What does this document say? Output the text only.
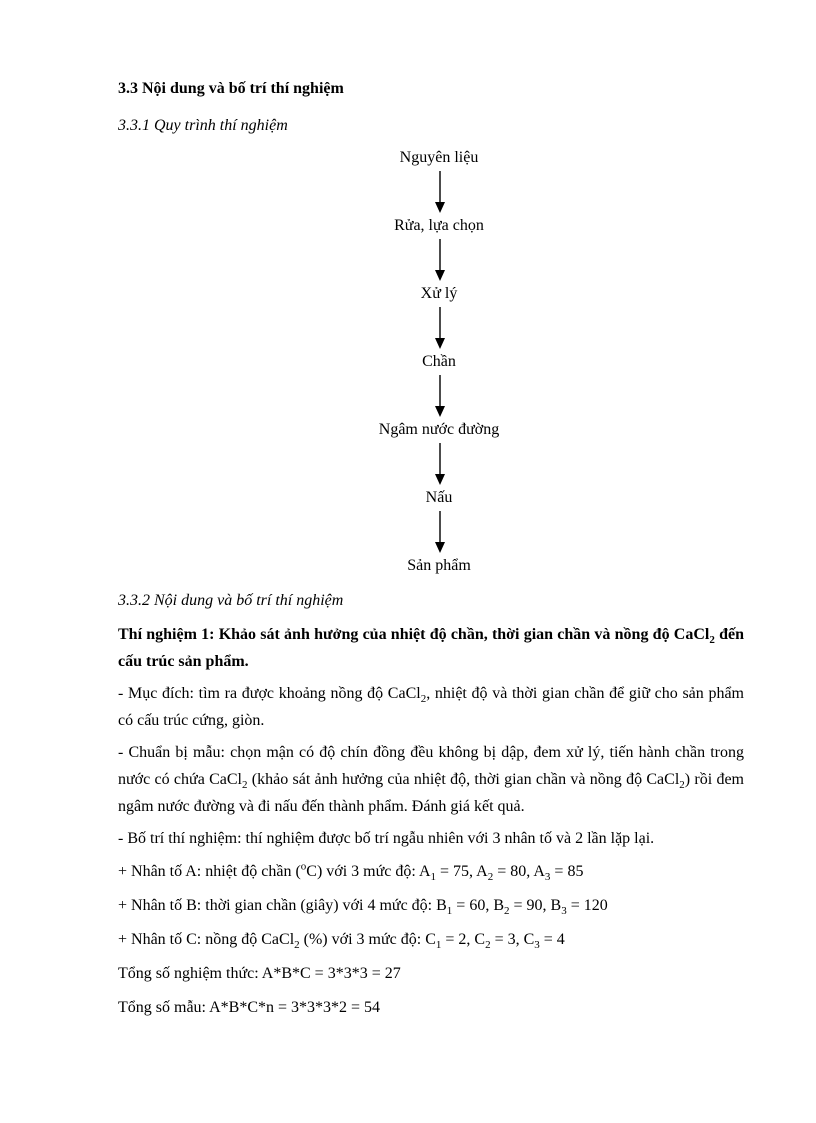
3.3 Nội dung và bố trí thí nghiệm
3.3.1 Quy trình thí nghiệm
Nguyên liệu
Rửa, lựa chọn
Xử lý
Chần
Ngâm nước đường
Nấu
Sản phẩm
3.3.2 Nội dung và bố trí thí nghiệm
Thí nghiệm 1: Khảo sát ảnh hưởng của nhiệt độ chần, thời gian chần và nồng độ CaCl$_2$ đến cấu trúc sản phẩm.
- Mục đích: tìm ra được khoảng nồng độ CaCl$_2$, nhiệt độ và thời gian chần để giữ cho sản phẩm có cấu trúc cứng, giòn.
- Chuẩn bị mẫu: chọn mận có độ chín đồng đều không bị dập, đem xử lý, tiến hành chần trong nước có chứa CaCl$_2$ (khảo sát ảnh hưởng của nhiệt độ, thời gian chần và nồng độ CaCl$_2$) rồi đem ngâm nước đường và đi nấu đến thành phẩm. Đánh giá kết quả.
- Bố trí thí nghiệm: thí nghiệm được bố trí ngẫu nhiên với 3 nhân tố và 2 lần lặp lại.
+ Nhân tố A: nhiệt độ chần ($^o$C) với 3 mức độ: $A_1 = 75$, $A_2 = 80$, $A_3 = 85$
+ Nhân tố B: thời gian chần (giây) với 4 mức độ: $B_1 = 60$, $B_2 = 90$, $B_3 = 120$
+ Nhân tố C: nồng độ CaCl$_2$ (%) với 3 mức độ: $C_1 = 2$, $C_2 = 3$, $C_3 = 4$
Tổng số nghiệm thức: A*B*C = 3*3*3 = 27
Tổng số mẫu: A*B*C*n = 3*3*3*2 = 54
